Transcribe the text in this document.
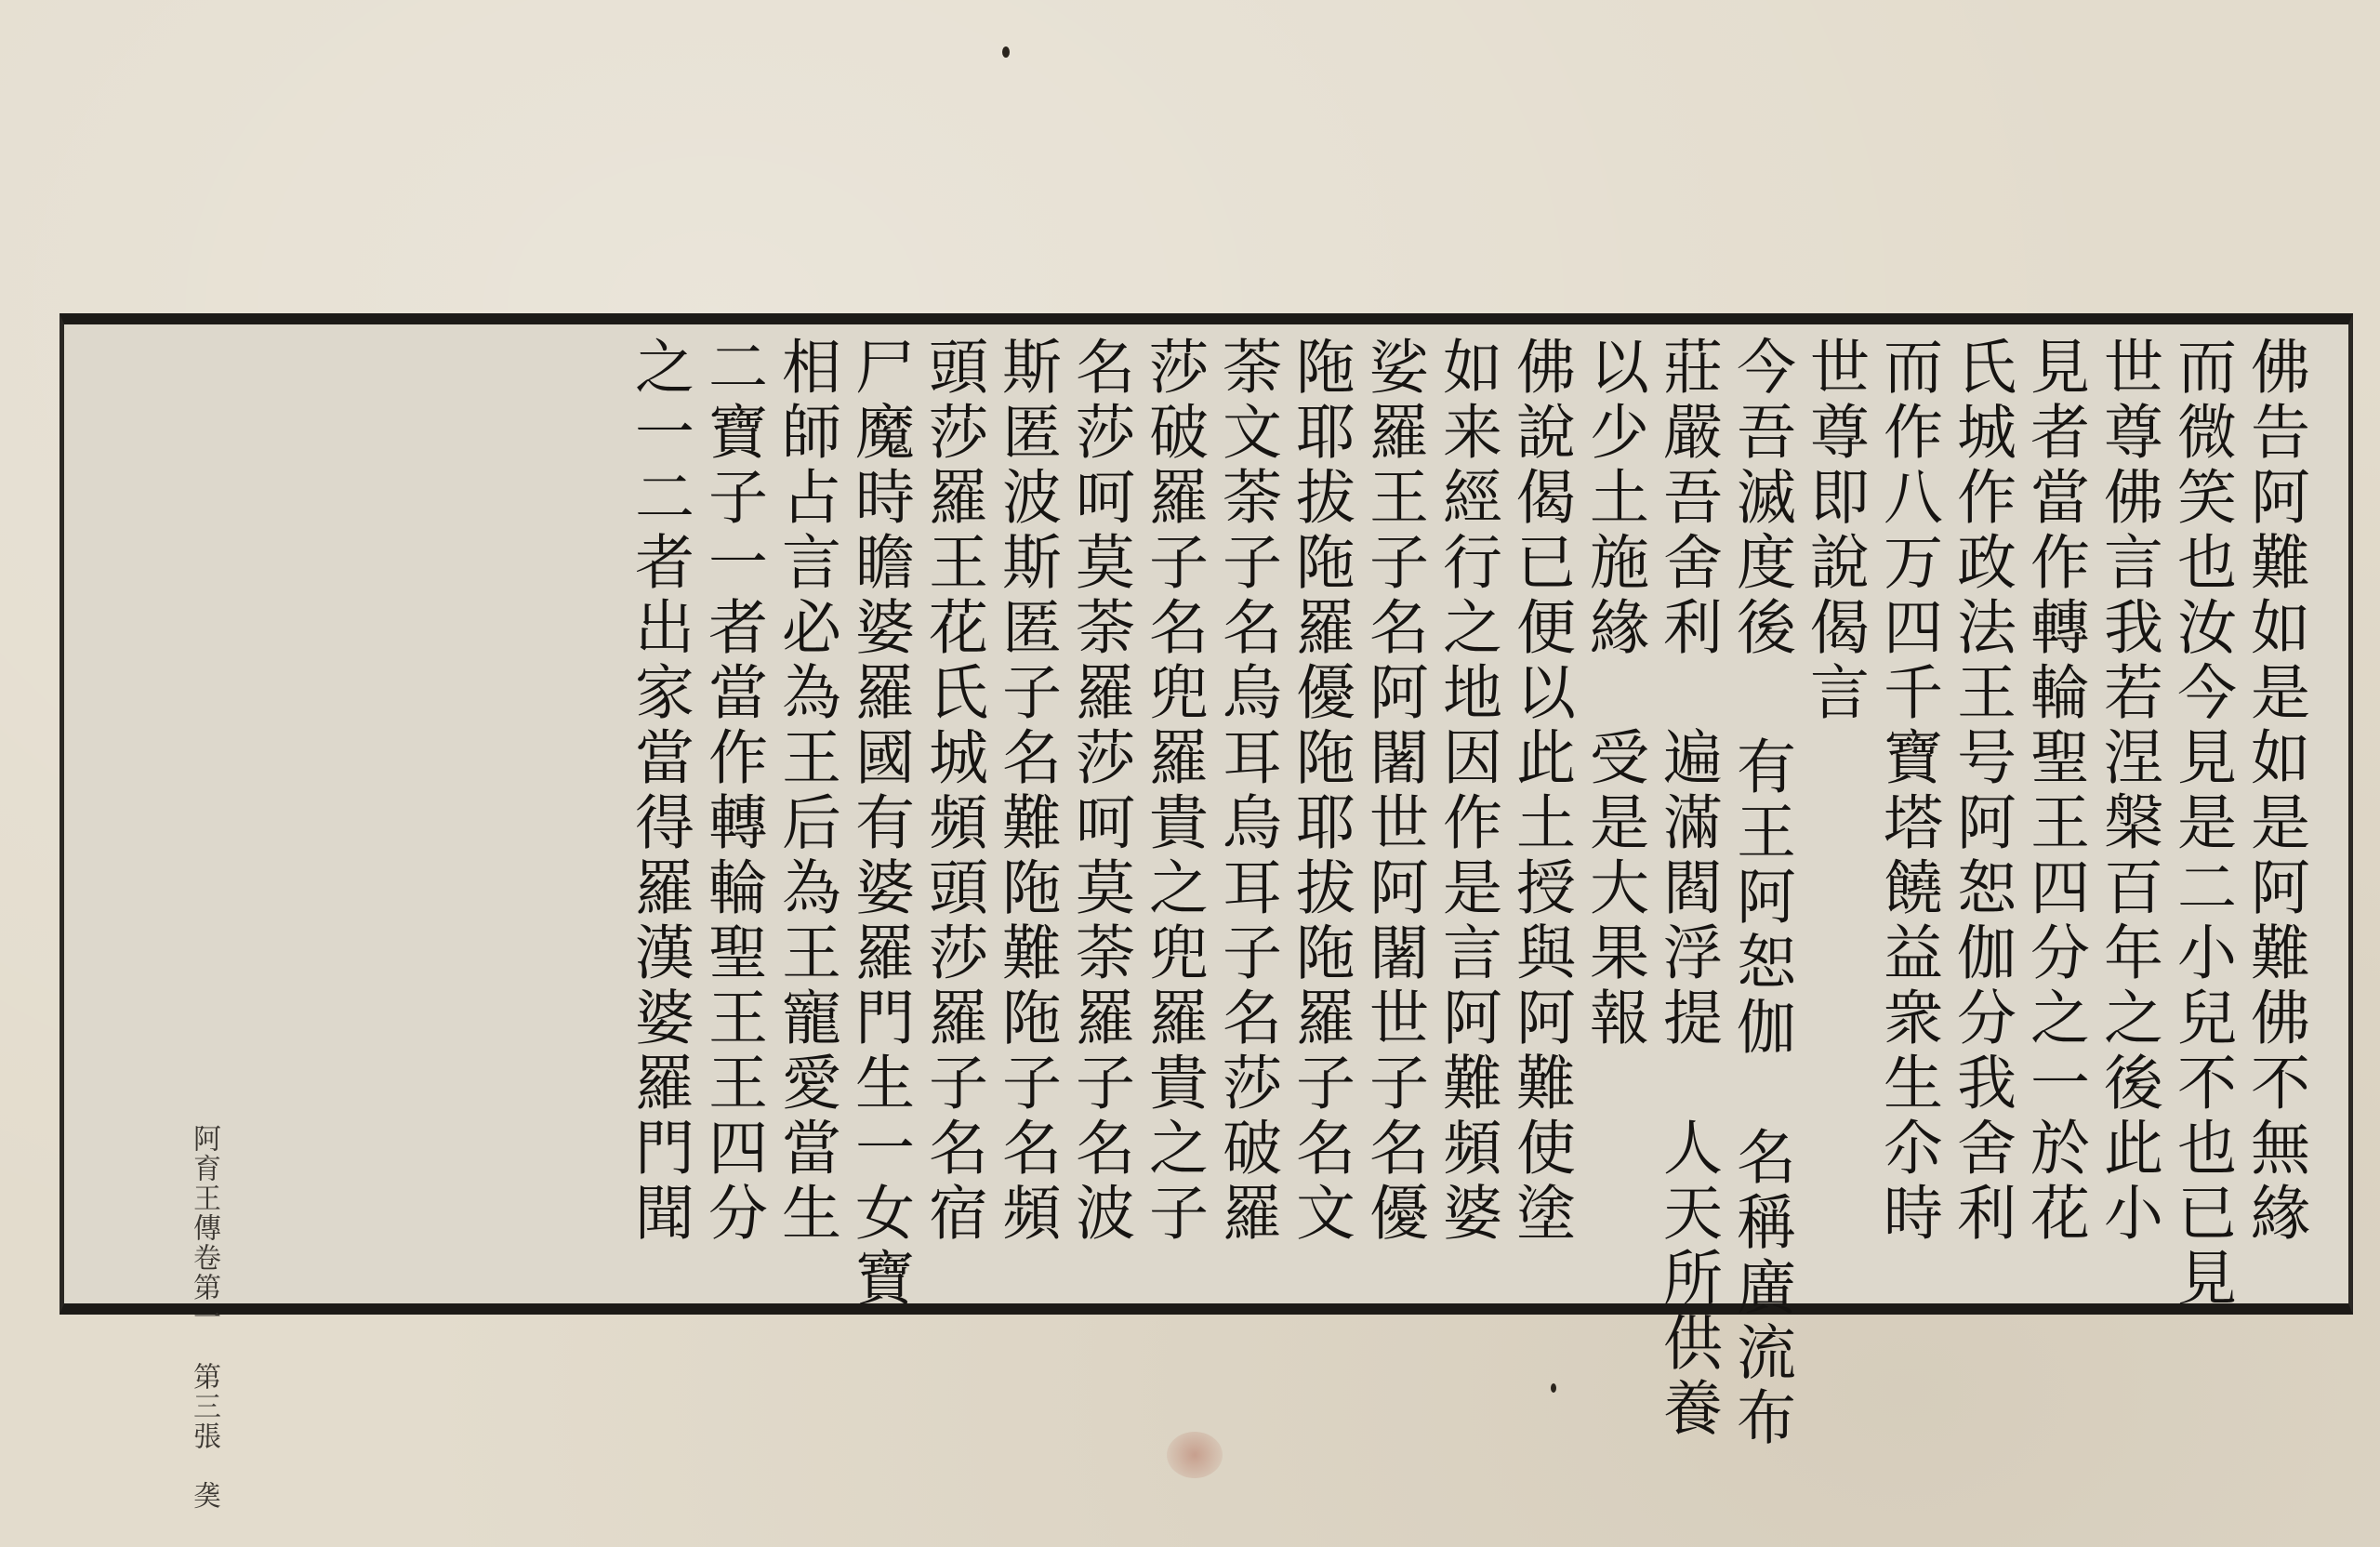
佛告阿難如是如是阿難佛不無緣
而微笑也汝今見是二小兒不也已見
世尊佛言我若涅槃百年之後此小
見者當作轉輪聖王四分之一於花
氏城作政法王号阿恕伽分我舍利
而作八万四千寶塔饒益衆生尒時
世尊即說偈言
今吾滅度後 有王阿恕伽　名稱廣流布
莊嚴吾舍利　遍滿閻浮提　人天所供養
以少土施緣　受是大果報
佛說偈已便以此土授與阿難使塗
如来經行之地因作是言阿難頻婆
娑羅王子名阿闍世阿闍世子名優
陁耶拔陁羅優陁耶拔陁羅子名文
荼文荼子名烏耳烏耳子名莎破羅
莎破羅子名兜羅貴之兜羅貴之子
名莎呵莫荼羅莎呵莫荼羅子名波
斯匿波斯匿子名難陁難陁子名頻
頭莎羅王花氏城頻頭莎羅子名宿
尸魔時瞻婆羅國有婆羅門生一女寶
相師占言必為王后為王寵愛當生
二寶子一者當作轉輪聖王王四分
之一二者出家當得羅漢婆羅門聞
阿育王傳卷第一　第三張　䶮
